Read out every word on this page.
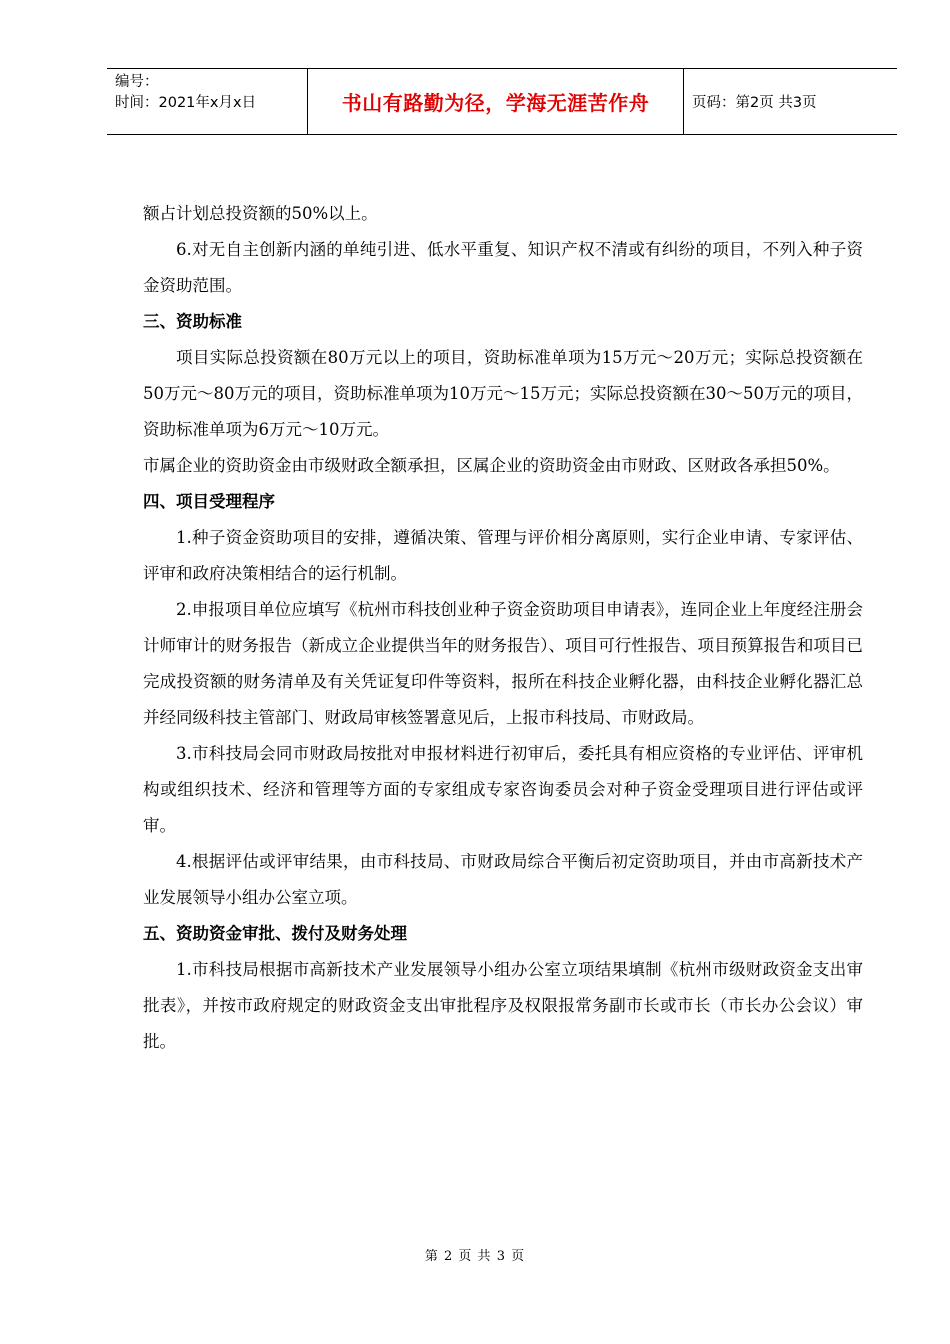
编号：
时间：2021年x月x日	书山有路勤为径，学海无涯苦作舟	页码：第2页 共3页

额占计划总投资额的50%以上。

6.对无自主创新内涵的单纯引进、低水平重复、知识产权不清或有纠纷的项目，不列入种子资金资助范围。

三、资助标准

项目实际总投资额在80万元以上的项目，资助标准单项为15万元～20万元；实际总投资额在50万元～80万元的项目，资助标准单项为10万元～15万元；实际总投资额在30～50万元的项目，资助标准单项为6万元～10万元。

市属企业的资助资金由市级财政全额承担，区属企业的资助资金由市财政、区财政各承担50%。

四、项目受理程序

1.种子资金资助项目的安排，遵循决策、管理与评价相分离原则，实行企业申请、专家评估、评审和政府决策相结合的运行机制。

2.申报项目单位应填写《杭州市科技创业种子资金资助项目申请表》，连同企业上年度经注册会计师审计的财务报告（新成立企业提供当年的财务报告）、项目可行性报告、项目预算报告和项目已完成投资额的财务清单及有关凭证复印件等资料，报所在科技企业孵化器，由科技企业孵化器汇总并经同级科技主管部门、财政局审核签署意见后，上报市科技局、市财政局。

3.市科技局会同市财政局按批对申报材料进行初审后，委托具有相应资格的专业评估、评审机构或组织技术、经济和管理等方面的专家组成专家咨询委员会对种子资金受理项目进行评估或评审。

4.根据评估或评审结果，由市科技局、市财政局综合平衡后初定资助项目，并由市高新技术产业发展领导小组办公室立项。

五、资助资金审批、拨付及财务处理

1.市科技局根据市高新技术产业发展领导小组办公室立项结果填制《杭州市级财政资金支出审批表》，并按市政府规定的财政资金支出审批程序及权限报常务副市长或市长（市长办公会议）审批。

第 2 页 共 3 页
